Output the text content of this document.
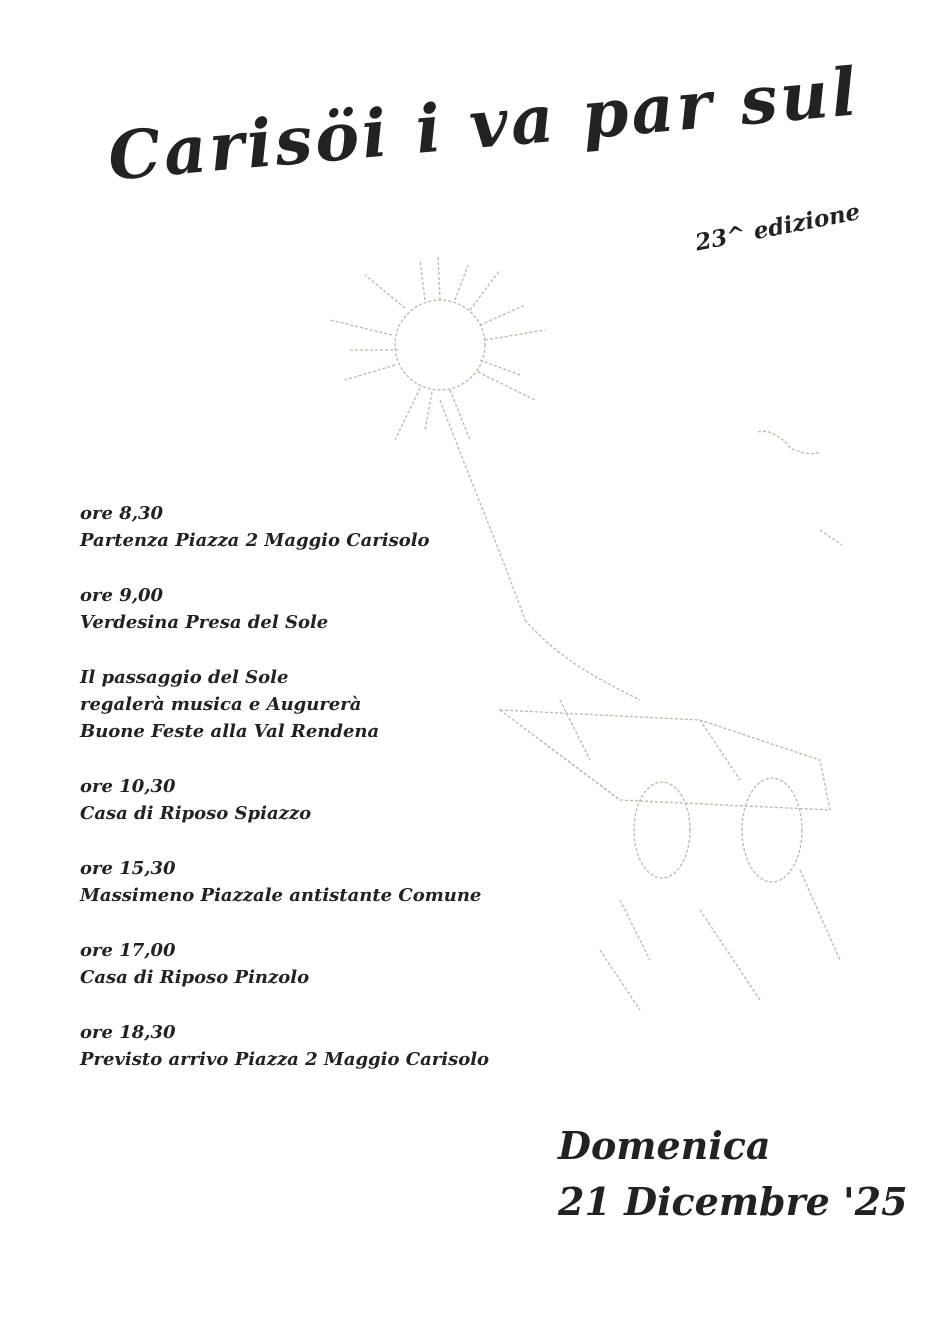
Carisöi i va par sul
23^ edizione
ore 8,30
Partenza Piazza 2 Maggio Carisolo
ore 9,00
Verdesina Presa del Sole
Il passaggio del Sole
regalerà musica e Augurerà
Buone Feste alla Val Rendena
ore 10,30
Casa di Riposo Spiazzo
ore 15,30
Massimeno Piazzale antistante Comune
ore 17,00
Casa di Riposo Pinzolo
ore 18,30
Previsto arrivo Piazza 2 Maggio Carisolo
Domenica
21 Dicembre '25
